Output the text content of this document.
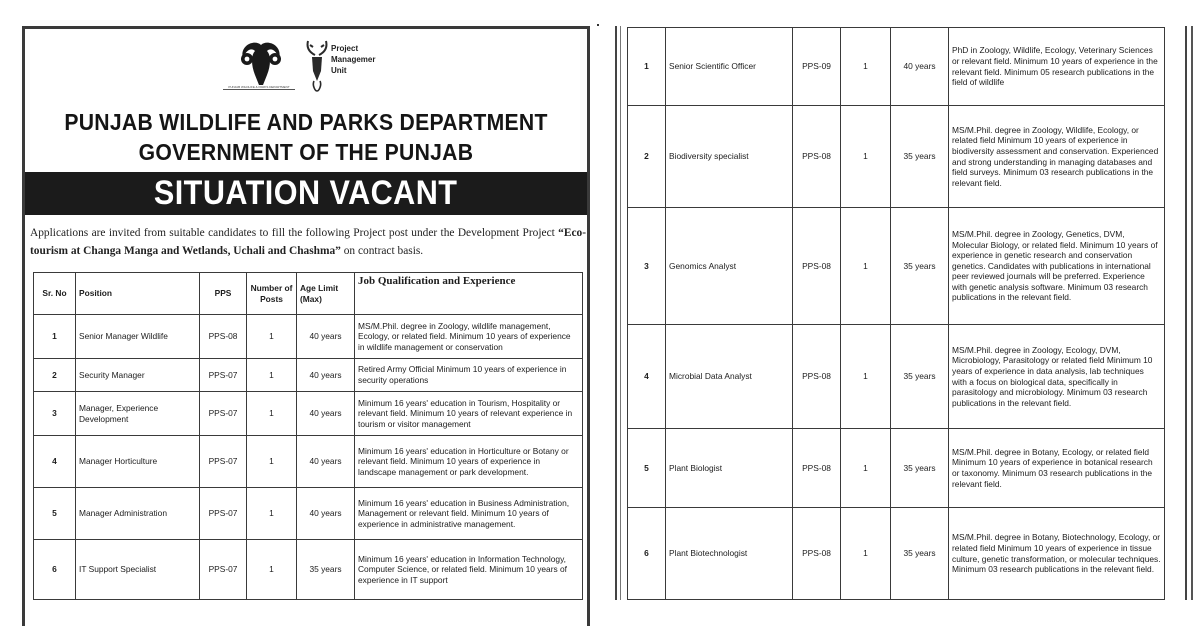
PUNJAB WILDLIFE & PARKS DEPARTMENT
Project
Managemer
Unit
PUNJAB WILDLIFE AND PARKS DEPARTMENT
GOVERNMENT OF THE PUNJAB
SITUATION VACANT
Applications are invited from suitable candidates to fill the following Project post under the Development Project “Eco-tourism at Changa Manga and Wetlands, Uchali and Chashma” on contract basis.
Sr. No	Position	PPS	Number of Posts	Age Limit (Max)	Job Qualification and Experience
1	Senior Manager Wildlife	PPS-08	1	40 years	MS/M.Phil. degree in Zoology, wildlife management, Ecology, or related field. Minimum 10 years of experience in wildlife management or conservation
2	Security Manager	PPS-07	1	40 years	Retired Army Official Minimum 10 years of experience in security operations
3	Manager, Experience Development	PPS-07	1	40 years	Minimum 16 years' education in Tourism, Hospitality or relevant field. Minimum 10 years of relevant experience in tourism or visitor management
4	Manager Horticulture	PPS-07	1	40 years	Minimum 16 years' education in Horticulture or Botany or relevant field. Minimum 10 years of experience in landscape management or park development.
5	Manager Administration	PPS-07	1	40 years	Minimum 16 years' education in Business Administration, Management or relevant field. Minimum 10 years of experience in administrative management.
6	IT Support Specialist	PPS-07	1	35 years	Minimum 16 years' education in Information Technology, Computer Science, or related field. Minimum 10 years of experience in IT support
1	Senior Scientific Officer	PPS-09	1	40 years	PhD in Zoology, Wildlife, Ecology, Veterinary Sciences or relevant field. Minimum 10 years of experience in the relevant field. Minimum 05 research publications in the field of wildlife
2	Biodiversity specialist	PPS-08	1	35 years	MS/M.Phil. degree in Zoology, Wildlife, Ecology, or related field Minimum 10 years of experience in biodiversity assessment and conservation. Experienced and strong understanding in managing databases and field surveys. Minimum 03 research publications in the relevant field.
3	Genomics Analyst	PPS-08	1	35 years	MS/M.Phil. degree in Zoology, Genetics, DVM, Molecular Biology, or related field. Minimum 10 years of experience in genetic research and conservation genetics. Candidates with publications in international peer reviewed journals will be preferred. Experience with genetic analysis software. Minimum 03 research publications in the relevant field.
4	Microbial Data Analyst	PPS-08	1	35 years	MS/M.Phil. degree in Zoology, Ecology, DVM, Microbiology, Parasitology or related field Minimum 10 years of experience in data analysis, lab techniques with a focus on biological data, specifically in parasitology and microbiology. Minimum 03 research publications in the relevant field.
5	Plant Biologist	PPS-08	1	35 years	MS/M.Phil. degree in Botany, Ecology, or related field Minimum 10 years of experience in botanical research or taxonomy. Minimum 03 research publications in the relevant field.
6	Plant Biotechnologist	PPS-08	1	35 years	MS/M.Phil. degree in Botany, Biotechnology, Ecology, or related field Minimum 10 years of experience in tissue culture, genetic transformation, or molecular techniques. Minimum 03 research publications in the relevant field.
